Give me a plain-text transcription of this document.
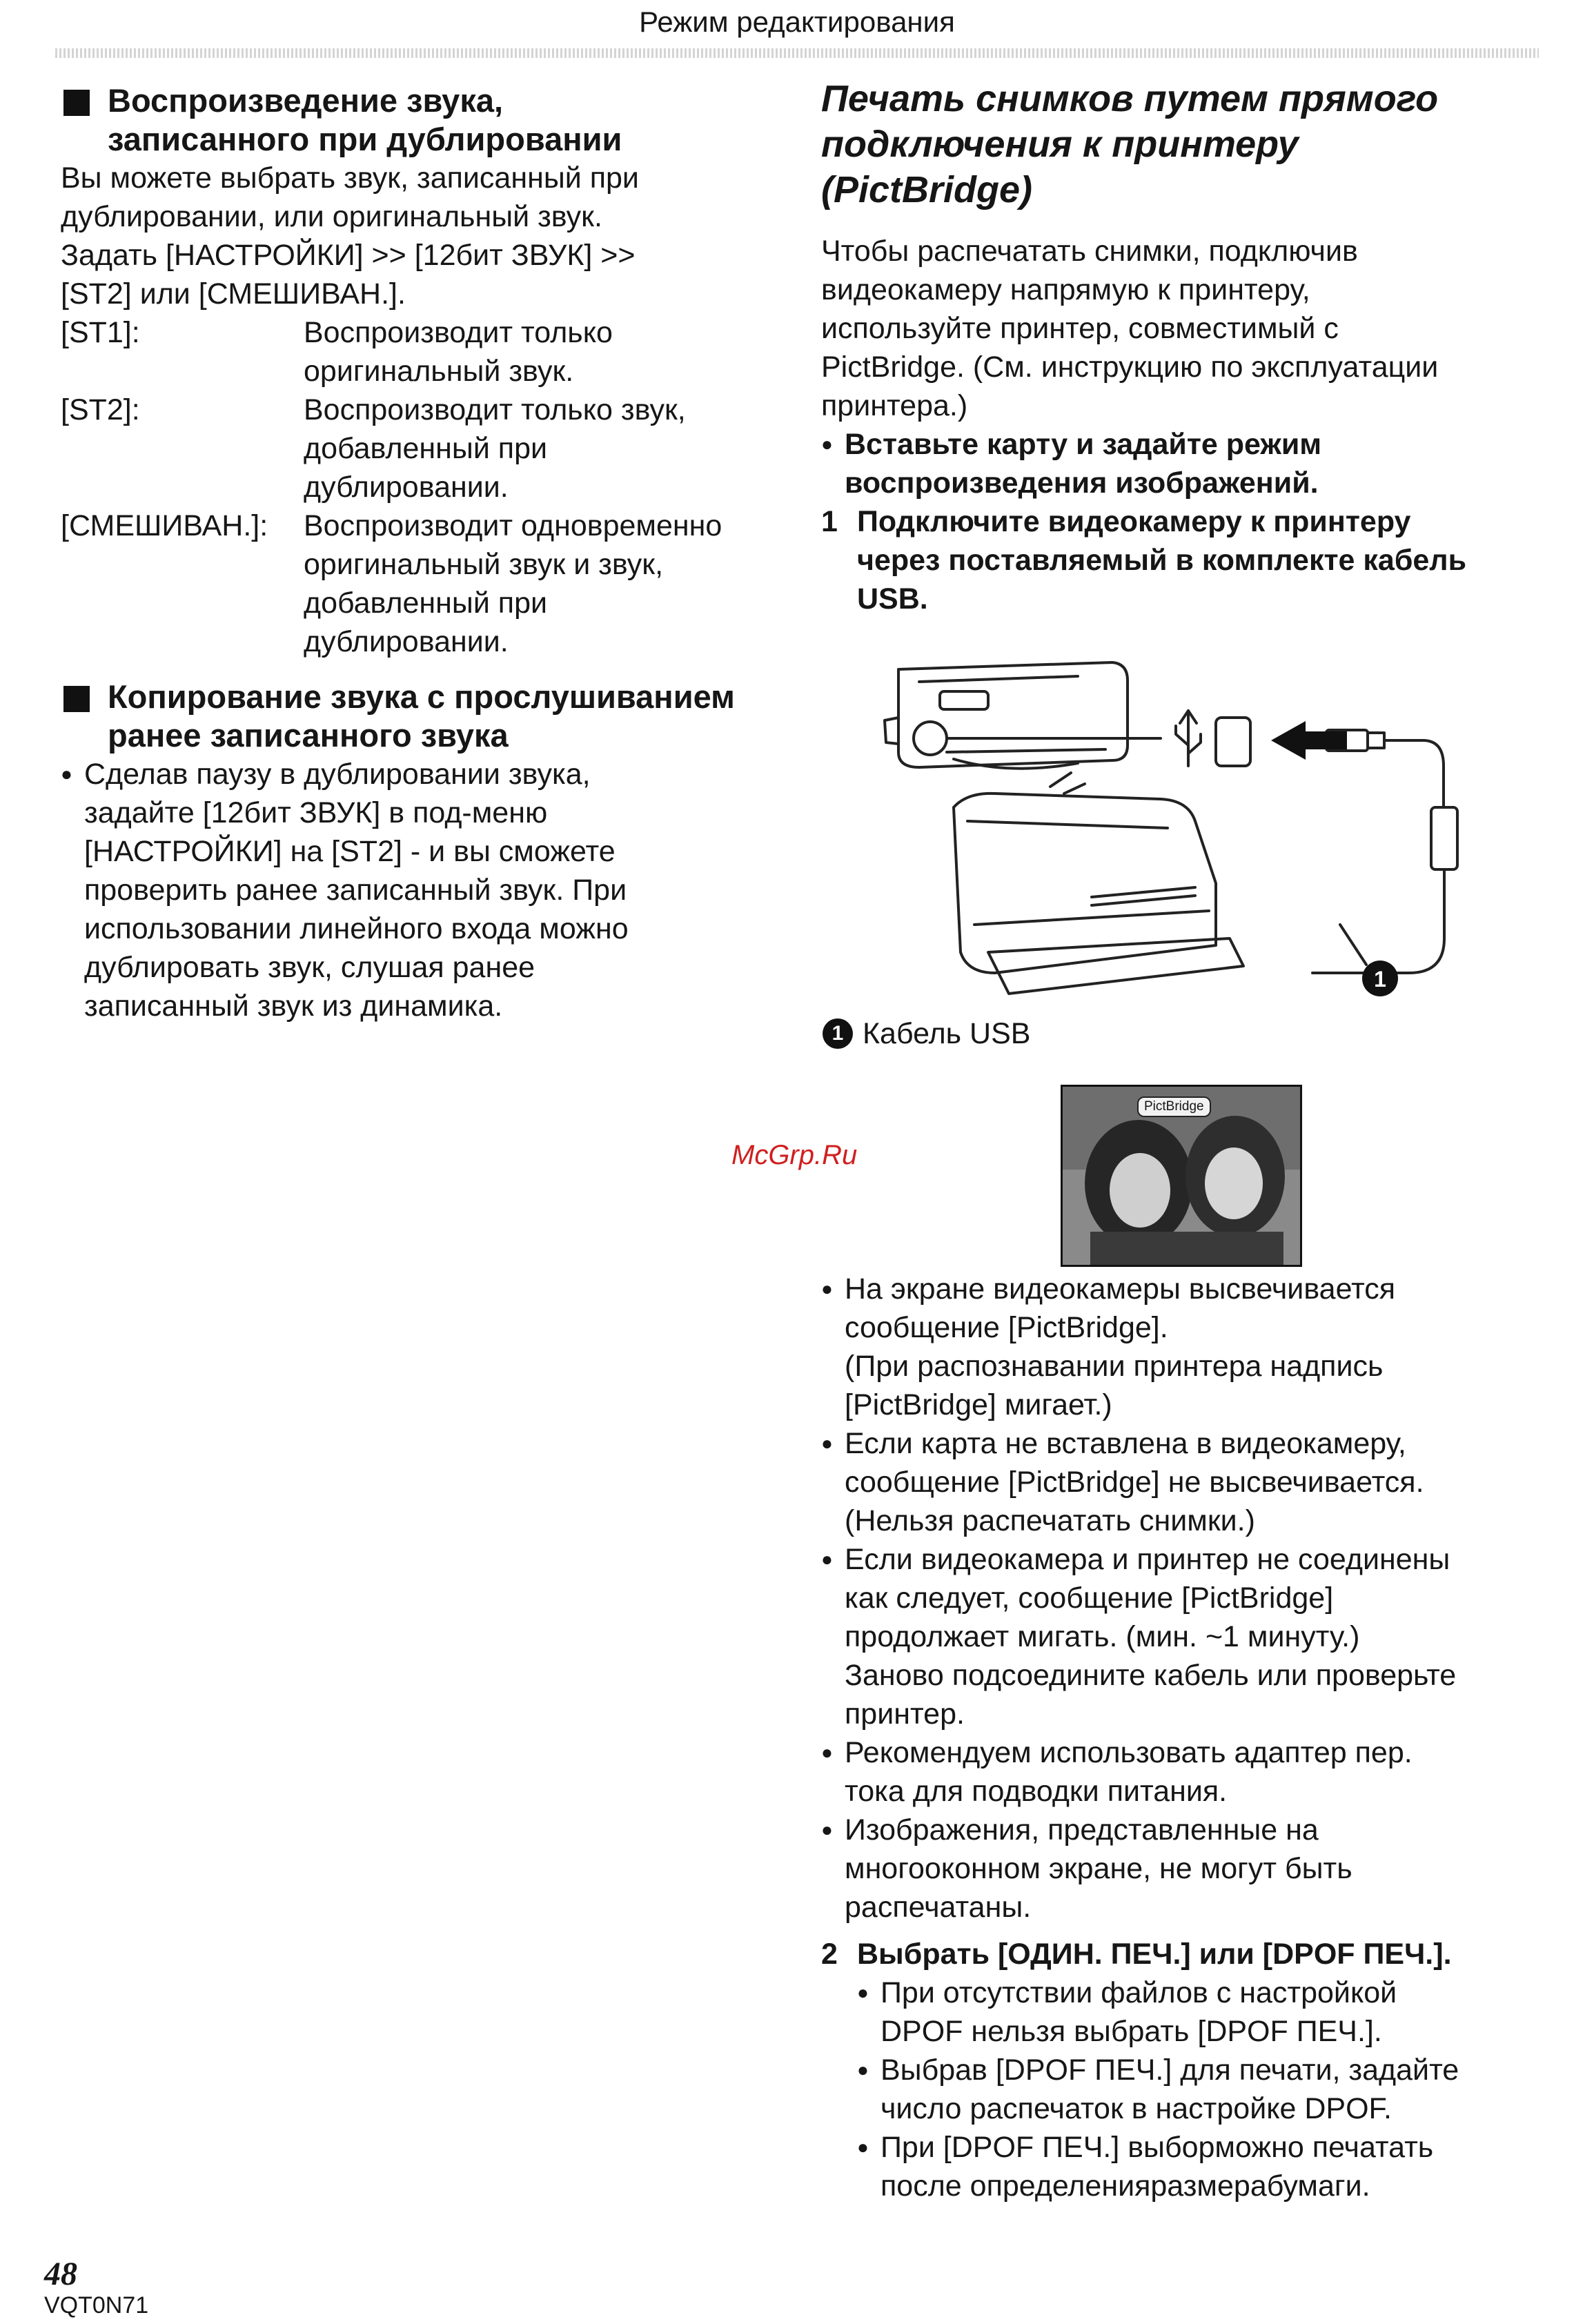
Режим редактирования
Воспроизведение звука,
записанного при дублировании

Вы можете выбрать звук, записанный при

дублировании, или оригинальный звук.

Задать [НАСТРОЙКИ] >> [12бит ЗВУК] >>

[ST2] или [СМЕШИВАН.].

[ST1]:	Воспроизводит только
оригинальный звук.
[ST2]:	Воспроизводит только звук,
добавленный при
дублировании.
[СМЕШИВАН.]:	Воспроизводит одновременно
оригинальный звук и звук,
добавленный при
дублировании.
Копирование звука с прослушиванием
ранее записанного звука
● Сделав паузу в дублировании звука,
задайте [12бит ЗВУК] в под-меню
[НАСТРОЙКИ] на [ST2] - и вы сможете
проверить ранее записанный звук. При
использовании линейного входа можно
дублировать звук, слушая ранее
записанный звук из динамика.
Печать снимков путем прямого
подключения к принтеру
(PictBridge)

Чтобы распечатать снимки, подключив

видеокамеру напрямую к принтеру,

используйте принтер, совместимый с

PictBridge. (См. инструкцию по эксплуатации

принтера.)

● Вставьте карту и задайте режим
воспроизведения изображений.
1 Подключите видеокамеру к принтеру
через поставляемый в комплекте кабель
USB.
1
1 Кабель USB
PictBridge
McGrp.Ru
● На экране видеокамеры высвечивается
сообщение [PictBridge].
(При распознавании принтера надпись
[PictBridge] мигает.)
● Если карта не вставлена в видеокамеру,
сообщение [PictBridge] не высвечивается.
(Нельзя распечатать снимки.)
● Если видеокамера и принтер не соединены
как следует, сообщение [PictBridge]
продолжает мигать. (мин. ~1 минуту.)
Заново подсоедините кабель или проверьте
принтер.
● Рекомендуем использовать адаптер пер.
тока для подводки питания.
● Изображения, представленные на
многооконном экране, не могут быть
распечатаны.
2 Выбрать [ОДИН. ПЕЧ.] или [DPOF ПЕЧ.].
● При отсутствии файлов с настройкой
DPOF нельзя выбрать [DPOF ПЕЧ.].
● Выбрав [DPOF ПЕЧ.] для печати, задайте
число распечаток в настройке DPOF.
● При [DPOF ПЕЧ.] выборможно печатать
после определенияразмерабумаги.
48
VQT0N71
